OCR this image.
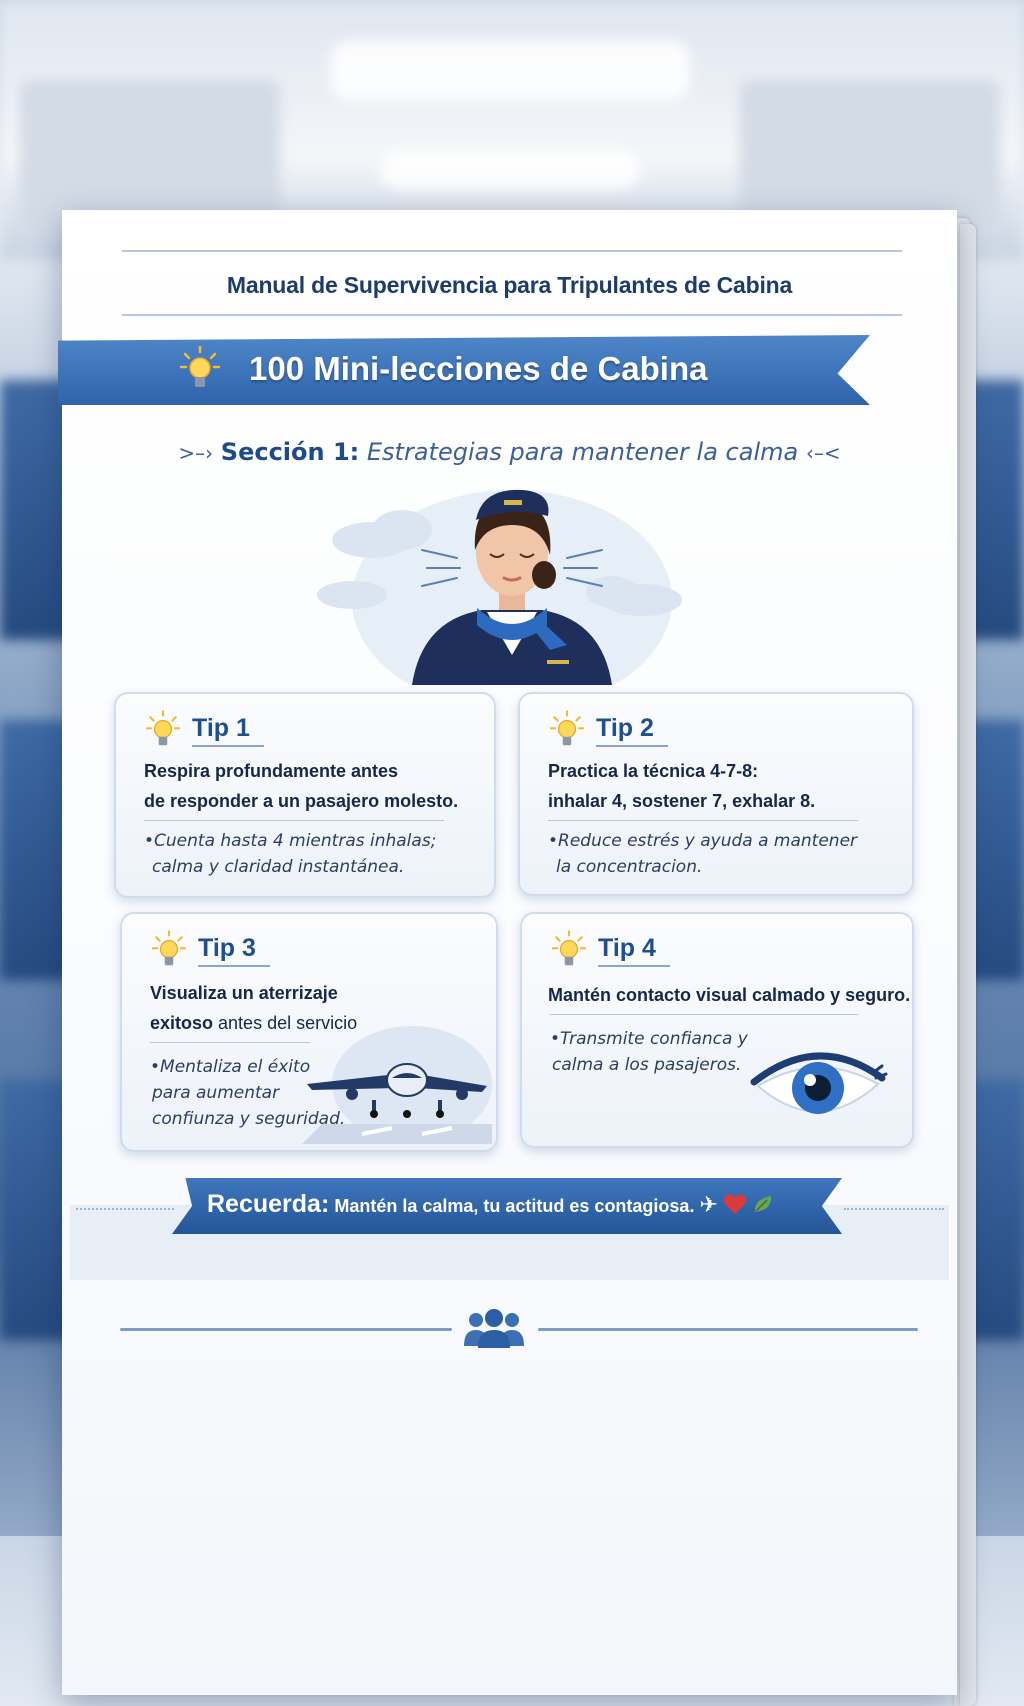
Manual de Supervivencia para Tripulantes de Cabina
100 Mini-lecciones de Cabina
>–› Sección 1: Estrategias para mantener la calma ‹–<
Tip 1
Respira profundamente antes
de responder a un pasajero molesto.
•Cuenta hasta 4 mientras inhalas;
calma y claridad instantánea.
Tip 2
Practica la técnica 4-7-8:
inhalar 4, sostener 7, exhalar 8.
•Reduce estrés y ayuda a mantener
la concentracion.
Tip 3
Visualiza un aterrizaje
exitoso antes del servicio
•Mentaliza el éxito
para aumentar
confiunza y seguridad.
Tip 4
Mantén contacto visual calmado y seguro.
•Transmite confianca y
calma a los pasajeros.
Recuerda: Mantén la calma, tu actitud es contagiosa. ✈
